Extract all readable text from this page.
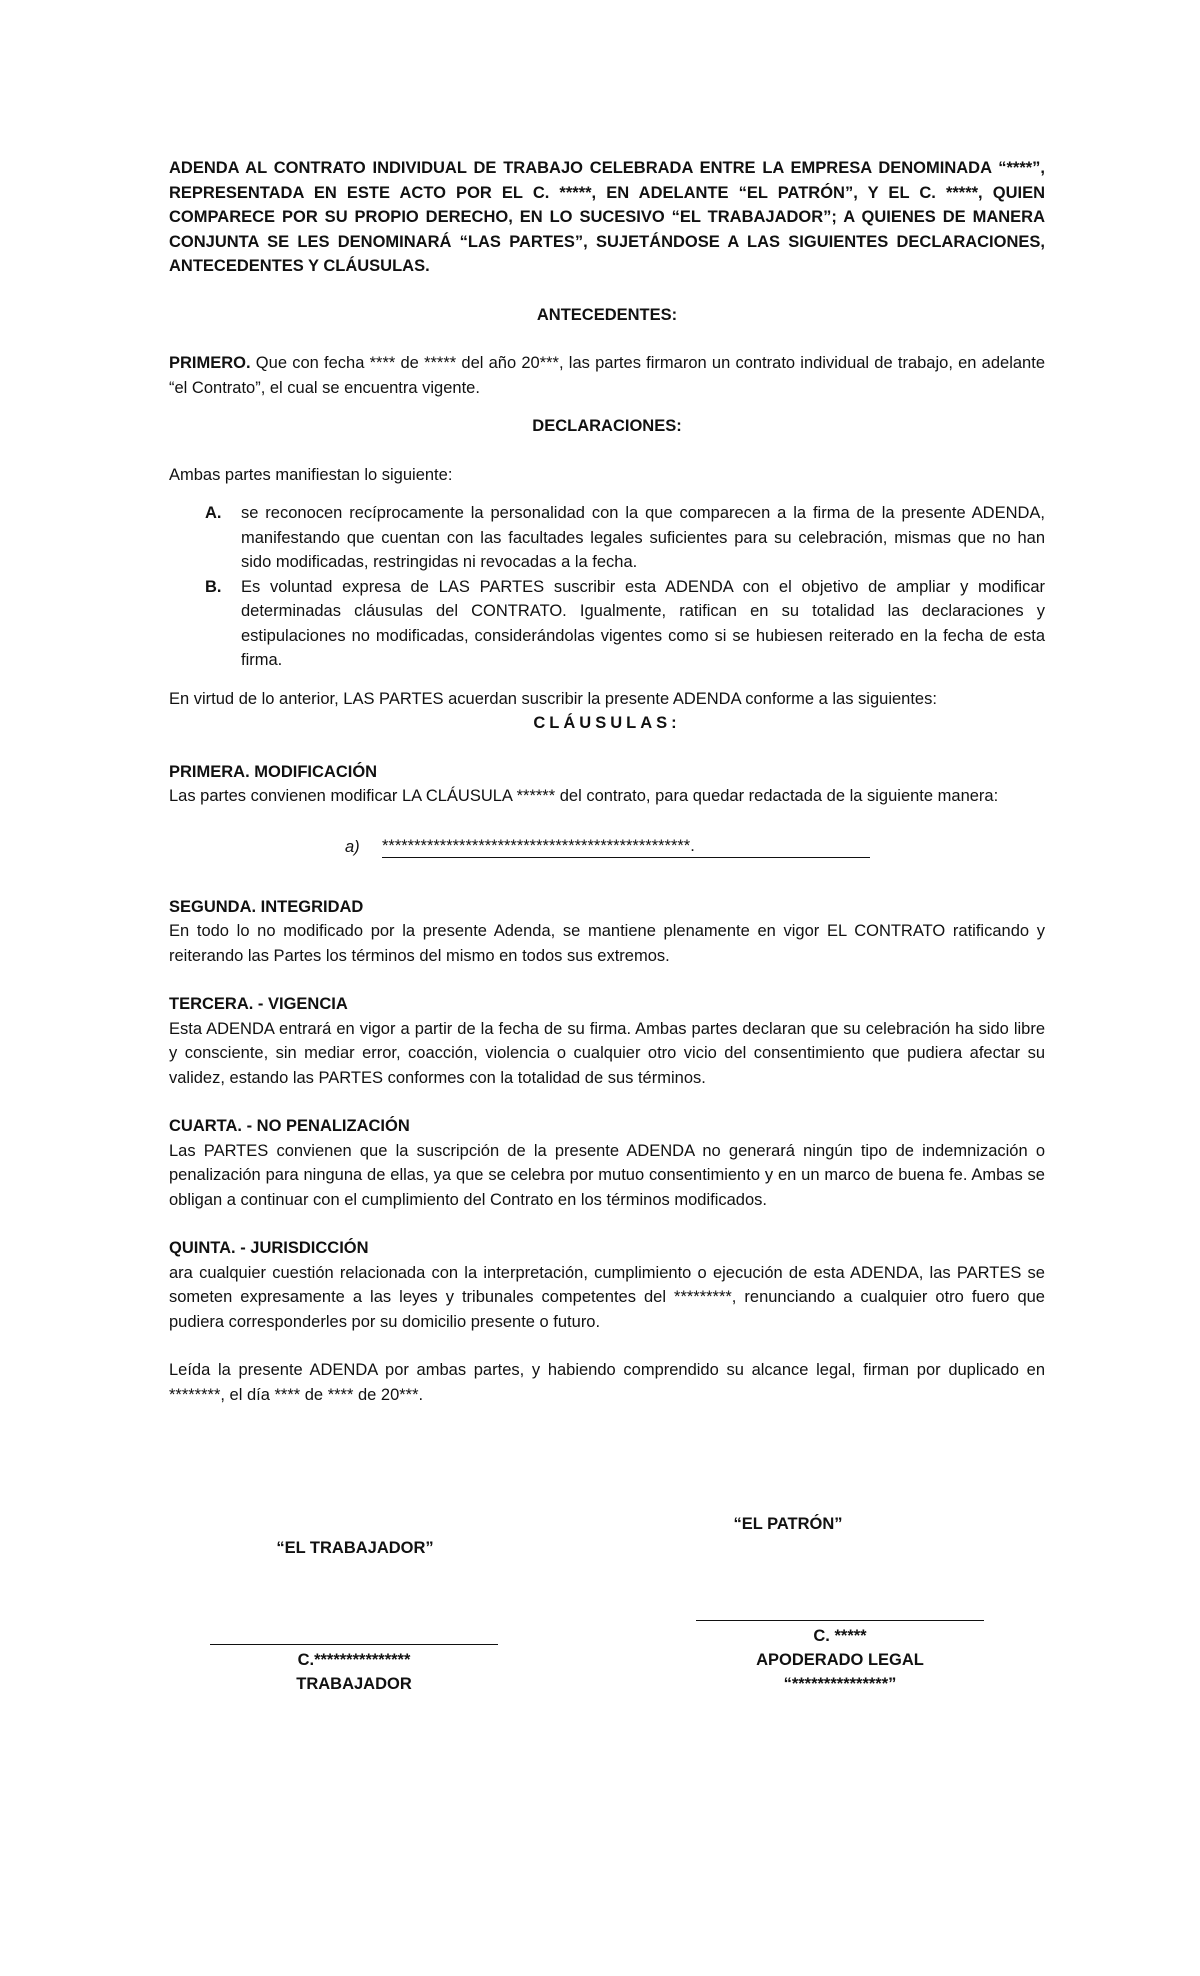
ADENDA AL CONTRATO INDIVIDUAL DE TRABAJO CELEBRADA ENTRE LA EMPRESA DENOMINADA “****”, REPRESENTADA EN ESTE ACTO POR EL C. *****, EN ADELANTE “EL PATRÓN”, Y EL C. *****, QUIEN COMPARECE POR SU PROPIO DERECHO, EN LO SUCESIVO “EL TRABAJADOR”; A QUIENES DE MANERA CONJUNTA SE LES DENOMINARÁ “LAS PARTES”, SUJETÁNDOSE A LAS SIGUIENTES DECLARACIONES, ANTECEDENTES Y CLÁUSULAS.

ANTECEDENTES:

PRIMERO. Que con fecha **** de ***** del año 20***, las partes firmaron un contrato individual de trabajo, en adelante “el Contrato”, el cual se encuentra vigente.

DECLARACIONES:

Ambas partes manifiestan lo siguiente:

A.	se reconocen recíprocamente la personalidad con la que comparecen a la firma de la presente ADENDA, manifestando que cuentan con las facultades legales suficientes para su celebración, mismas que no han sido modificadas, restringidas ni revocadas a la fecha.
B.	Es voluntad expresa de LAS PARTES suscribir esta ADENDA con el objetivo de ampliar y modificar determinadas cláusulas del CONTRATO. Igualmente, ratifican en su totalidad las declaraciones y estipulaciones no modificadas, considerándolas vigentes como si se hubiesen reiterado en la fecha de esta firma.

En virtud de lo anterior, LAS PARTES acuerdan suscribir la presente ADENDA conforme a las siguientes:

CLÁUSULAS:

PRIMERA. MODIFICACIÓN

Las partes convienen modificar LA CLÁUSULA ****** del contrato, para quedar redactada de la siguiente manera:

a) ************************************************.

SEGUNDA. INTEGRIDAD

En todo lo no modificado por la presente Adenda, se mantiene plenamente en vigor EL CONTRATO ratificando y reiterando las Partes los términos del mismo en todos sus extremos.

TERCERA. - VIGENCIA

Esta ADENDA entrará en vigor a partir de la fecha de su firma. Ambas partes declaran que su celebración ha sido libre y consciente, sin mediar error, coacción, violencia o cualquier otro vicio del consentimiento que pudiera afectar su validez, estando las PARTES conformes con la totalidad de sus términos.

CUARTA. - NO PENALIZACIÓN

Las PARTES convienen que la suscripción de la presente ADENDA no generará ningún tipo de indemnización o penalización para ninguna de ellas, ya que se celebra por mutuo consentimiento y en un marco de buena fe. Ambas se obligan a continuar con el cumplimiento del Contrato en los términos modificados.

QUINTA. - JURISDICCIÓN

ara cualquier cuestión relacionada con la interpretación, cumplimiento o ejecución de esta ADENDA, las PARTES se someten expresamente a las leyes y tribunales competentes del *********, renunciando a cualquier otro fuero que pudiera corresponderles por su domicilio presente o futuro.

Leída la presente ADENDA por ambas partes, y habiendo comprendido su alcance legal, firman por duplicado en ********, el día **** de **** de 20***.

“EL PATRÓN”
“EL TRABAJADOR”
C. *****
APODERADO LEGAL
“***************”
C.***************
TRABAJADOR
